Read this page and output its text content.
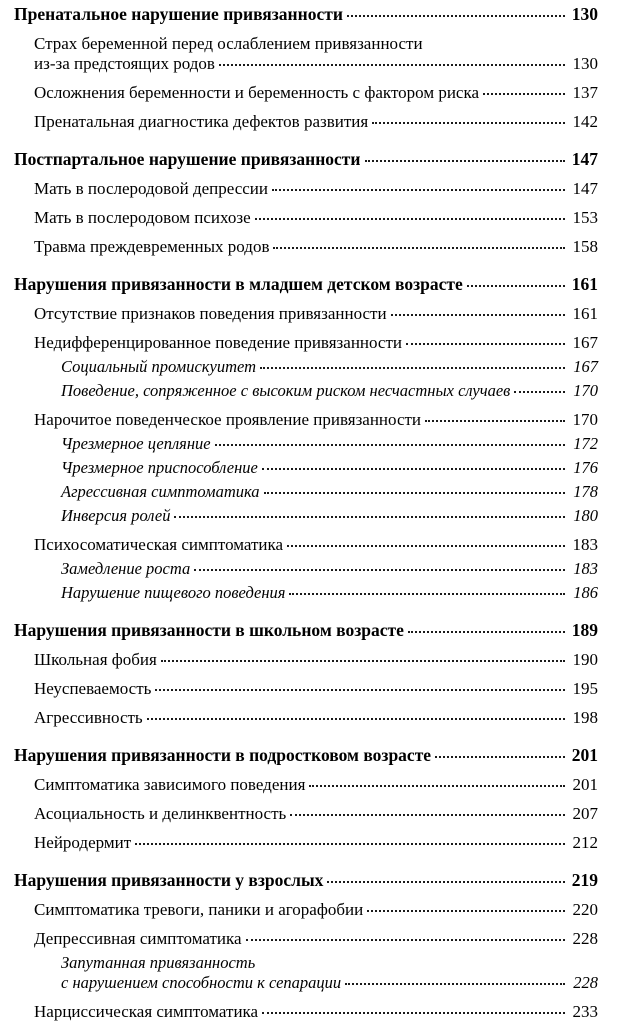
Пренатальное нарушение привязанности	130
Страх беременной перед ослаблением привязанности
из-за предстоящих родов	130
Осложнения беременности и беременность с фактором риска	137
Пренатальная диагностика дефектов развития	142
Постпартальное нарушение привязанности	147
Мать в послеродовой депрессии	147
Мать в послеродовом психозе	153
Травма преждевременных родов	158
Нарушения привязанности в младшем детском возрасте	161
Отсутствие признаков поведения привязанности	161
Недифференцированное поведение привязанности	167
Социальный промискуитет	167
Поведение, сопряженное с высоким риском несчастных случаев	170
Нарочитое поведенческое проявление привязанности	170
Чрезмерное цепляние	172
Чрезмерное приспособление	176
Агрессивная симптоматика	178
Инверсия ролей	180
Психосоматическая симптоматика	183
Замедление роста	183
Нарушение пищевого поведения	186
Нарушения привязанности в школьном возрасте	189
Школьная фобия	190
Неуспеваемость	195
Агрессивность	198
Нарушения привязанности в подростковом возрасте	201
Симптоматика зависимого поведения	201
Асоциальность и делинквентность	207
Нейродермит	212
Нарушения привязанности у взрослых	219
Симптоматика тревоги, паники и агорафобии	220
Депрессивная симптоматика	228
Запутанная привязанность
с нарушением способности к сепарации	228
Нарциссическая симптоматика	233
